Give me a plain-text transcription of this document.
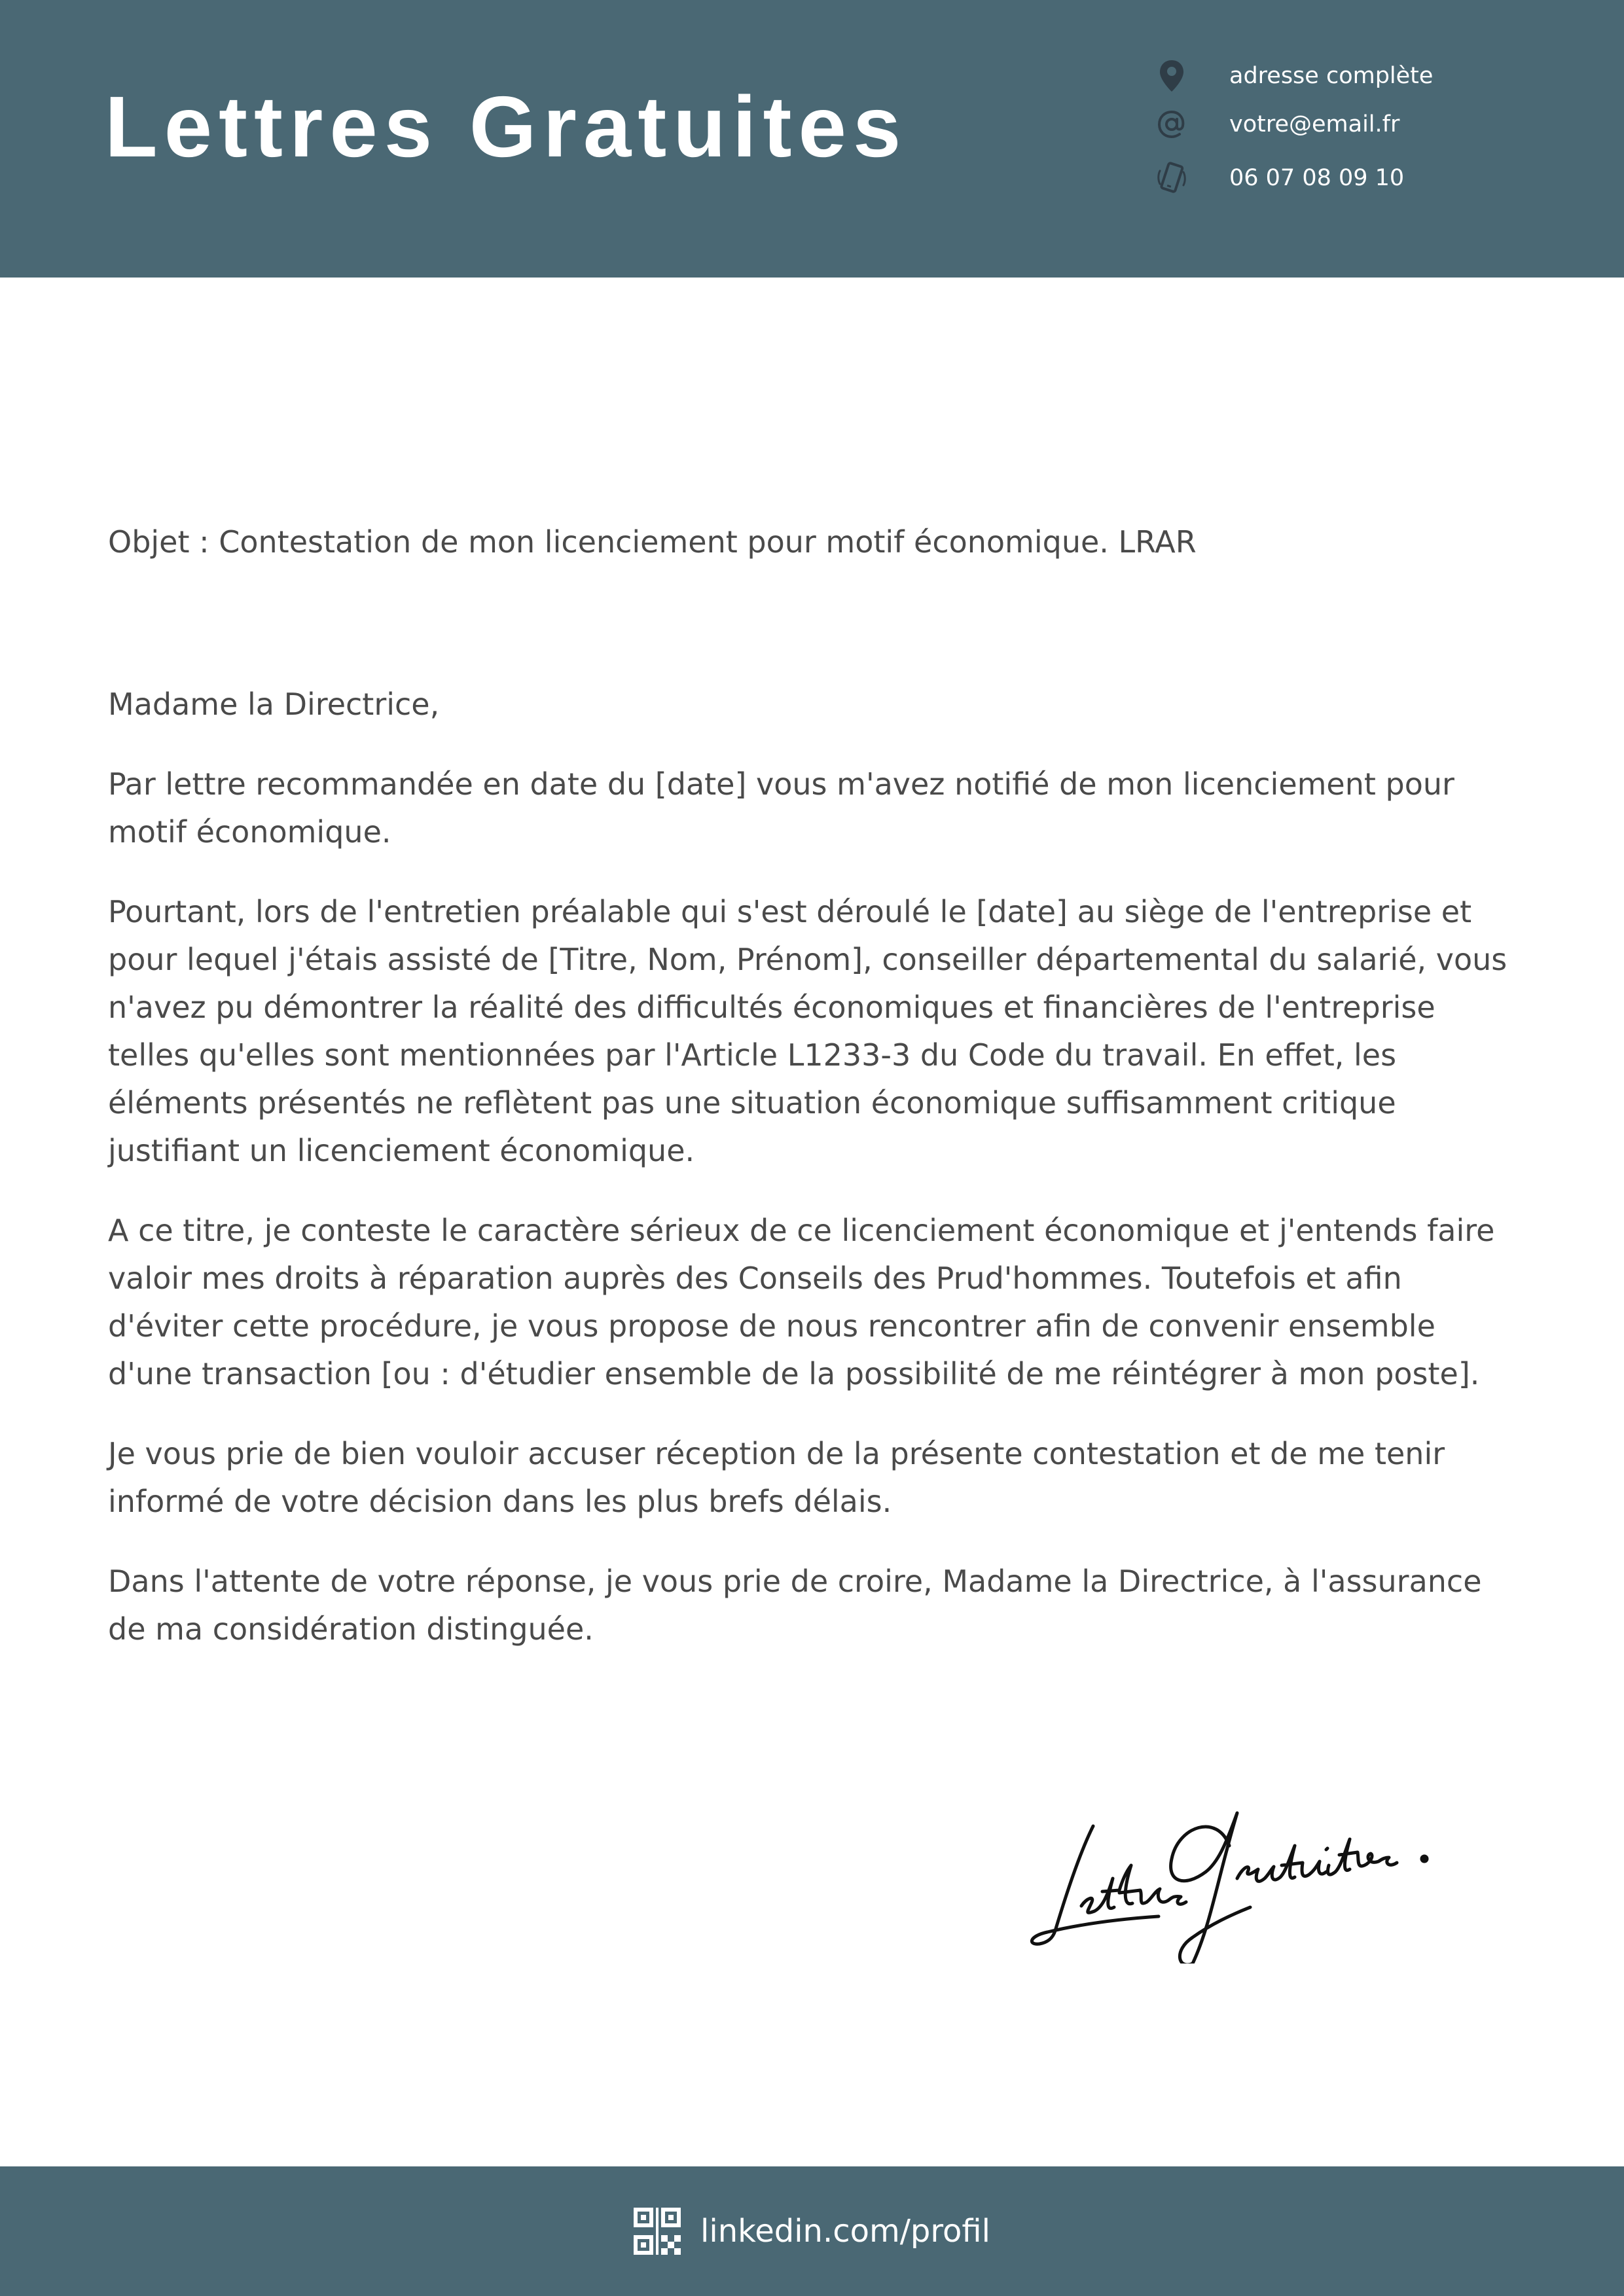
Lettres Gratuites
adresse complète
votre@email.fr
06 07 08 09 10
Objet : Contestation de mon licenciement pour motif économique. LRAR
Madame la Directrice,

Par lettre recommandée en date du [date] vous m'avez notifié de mon licenciement pour motif économique.

Pourtant, lors de l'entretien préalable qui s'est déroulé le [date] au siège de l'entreprise et pour lequel j'étais assisté de [Titre, Nom, Prénom], conseiller départemental du salarié, vous n'avez pu démontrer la réalité des difficultés économiques et financières de l'entreprise telles qu'elles sont mentionnées par l'Article L1233-3 du Code du travail. En effet, les éléments présentés ne reflètent pas une situation économique suffisamment critique justifiant un licenciement économique.

A ce titre, je conteste le caractère sérieux de ce licenciement économique et j'entends faire valoir mes droits à réparation auprès des Conseils des Prud'hommes. Toutefois et afin d'éviter cette procédure, je vous propose de nous rencontrer afin de convenir ensemble d'une transaction [ou : d'étudier ensemble de la possibilité de me réintégrer à mon poste].

Je vous prie de bien vouloir accuser réception de la présente contestation et de me tenir informé de votre décision dans les plus brefs délais.

Dans l'attente de votre réponse, je vous prie de croire, Madame la Directrice, à l'assurance de ma considération distinguée.

linkedin.com/profil
